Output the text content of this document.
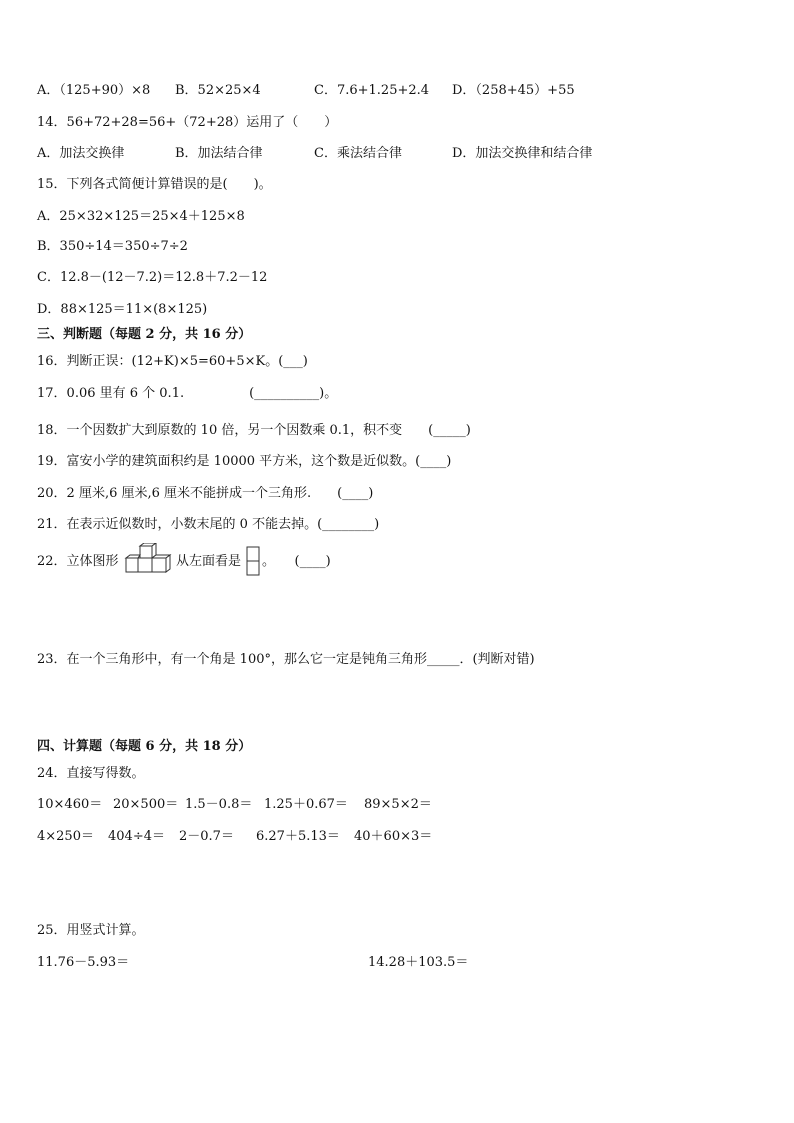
A．（125+90）×8 B．52×25×4	C．7.6+1.25+2.4 D．（258+45）+55
14．56+72+28=56+（72+28）运用了（　　）
A．加法交换律	B．加法结合律	C．乘法结合律	D．加法交换律和结合律
15．下列各式简便计算错误的是(　　)。
A．25×32×125＝25×4＋125×8
B．350÷14＝350÷7÷2
C．12.8－(12－7.2)＝12.8＋7.2－12
D．88×125＝11×(8×125)
三、判断题（每题 2 分，共 16 分）
16．判断正误：(12+K)×5=60+5×K。(___)
17．0.06 里有 6 个 0.1.　　　　　(__________)。
18．一个因数扩大到原数的 10 倍，另一个因数乘 0.1，积不变　　(_____)
19．富安小学的建筑面积约是 10000 平方米，这个数是近似数。(____)
20．2 厘米,6 厘米,6 厘米不能拼成一个三角形.　　(____)
21．在表示近似数时，小数末尾的 0 不能去掉。(________)
22．立体图形	从左面看是 。　　(____)
23．在一个三角形中，有一个角是 100°，那么它一定是钝角三角形_____．(判断对错)
四、计算题（每题 6 分，共 18 分）
24．直接写得数。
10×460＝ 20×500＝ 1.5－0.8＝ 1.25＋0.67＝ 89×5×2＝
4×250＝ 404÷4＝ 2－0.7＝ 6.27＋5.13＝ 40＋60×3＝
25．用竖式计算。
11.76－5.93＝	14.28＋103.5＝
